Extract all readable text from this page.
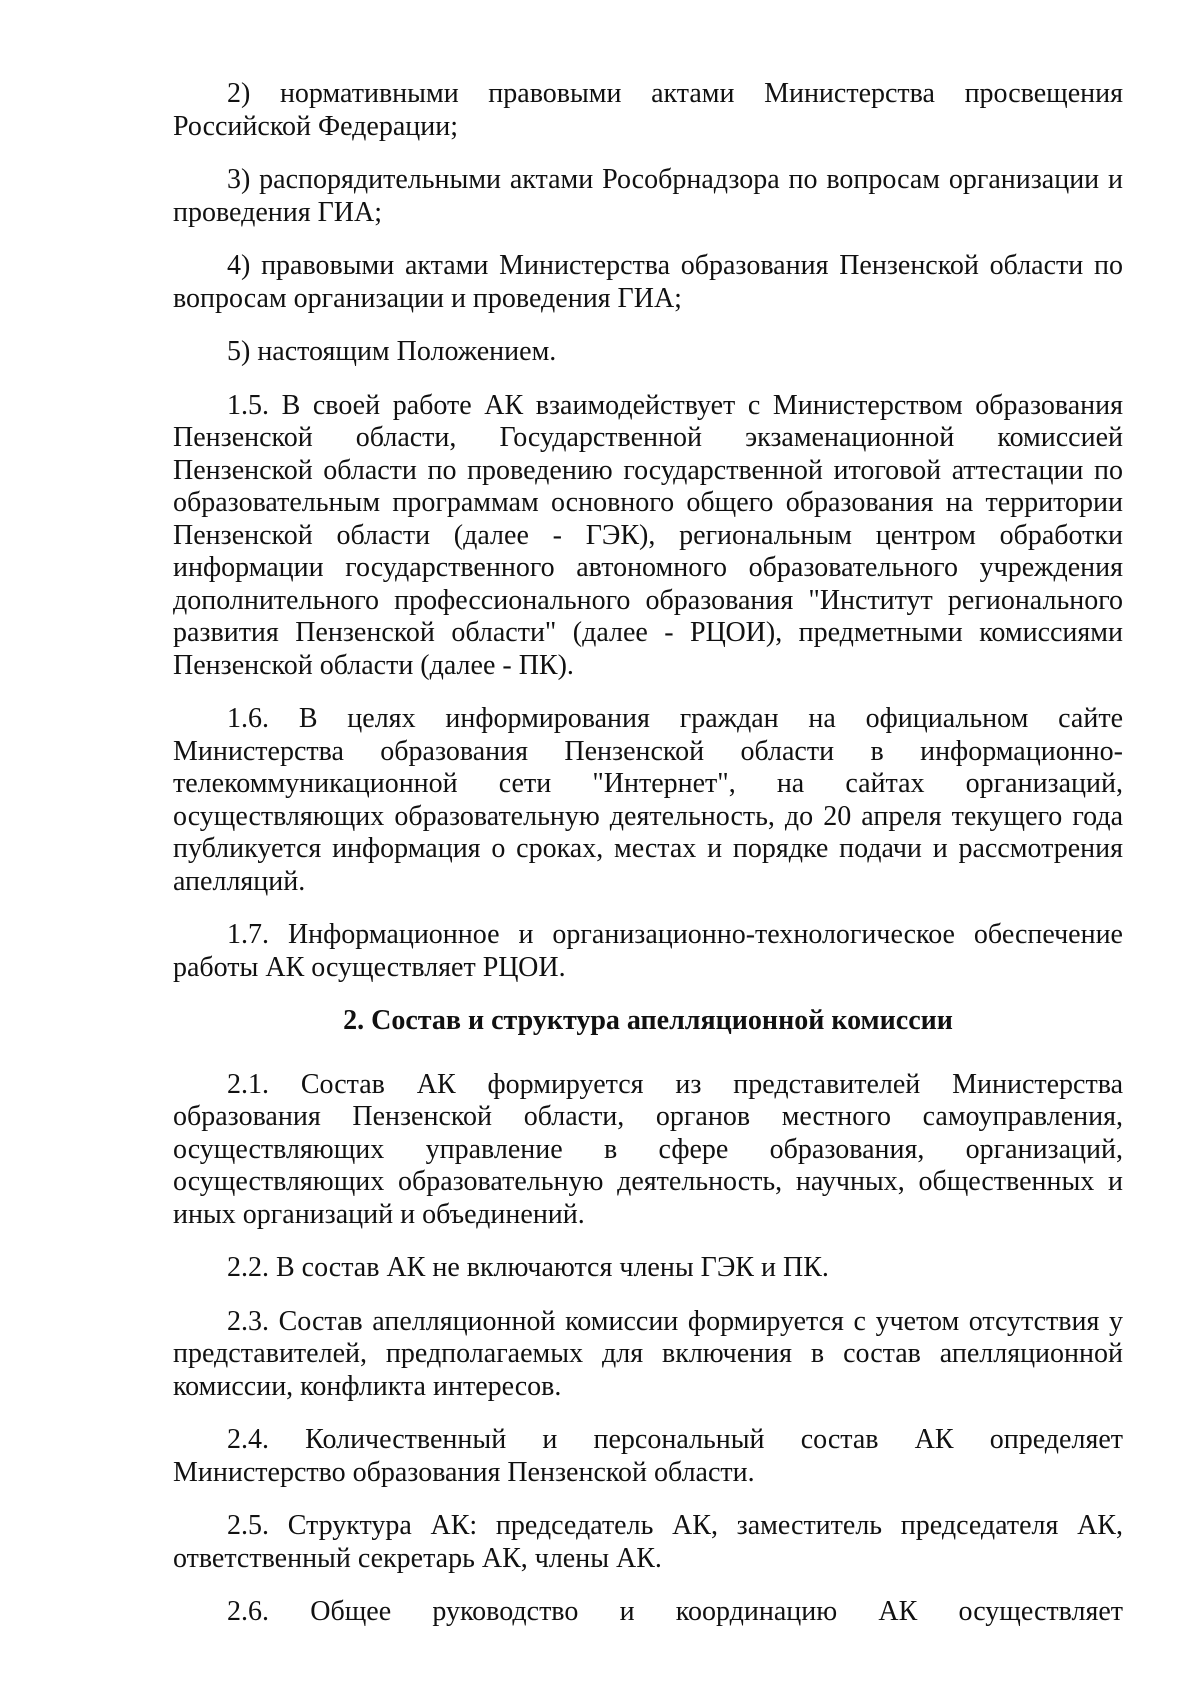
2) нормативными правовыми актами Министерства просвещения Российской Федерации;

3) распорядительными актами Рособрнадзора по вопросам организации и проведения ГИА;

4) правовыми актами Министерства образования Пензенской области по вопросам организации и проведения ГИА;

5) настоящим Положением.

1.5. В своей работе АК взаимодействует с Министерством образования Пензенской области, Государственной экзаменационной комиссией Пензенской области по проведению государственной итоговой аттестации по образовательным программам основного общего образования на территории Пензенской области (далее - ГЭК), региональным центром обработки информации государственного автономного образовательного учреждения дополнительного профессионального образования "Институт регионального развития Пензенской области" (далее - РЦОИ), предметными комиссиями Пензенской области (далее - ПК).

1.6. В целях информирования граждан на официальном сайте Министерства образования Пензенской области в информационно-телекоммуникационной сети "Интернет", на сайтах организаций, осуществляющих образовательную деятельность, до 20 апреля текущего года публикуется информация о сроках, местах и порядке подачи и рассмотрения апелляций.

1.7. Информационное и организационно-технологическое обеспечение работы АК осуществляет РЦОИ.

2. Состав и структура апелляционной комиссии

2.1. Состав АК формируется из представителей Министерства образования Пензенской области, органов местного самоуправления, осуществляющих управление в сфере образования, организаций, осуществляющих образовательную деятельность, научных, общественных и иных организаций и объединений.

2.2. В состав АК не включаются члены ГЭК и ПК.

2.3. Состав апелляционной комиссии формируется с учетом отсутствия у представителей, предполагаемых для включения в состав апелляционной комиссии, конфликта интересов.

2.4. Количественный и персональный состав АК определяет Министерство образования Пензенской области.

2.5. Структура АК: председатель АК, заместитель председателя АК, ответственный секретарь АК, члены АК.

2.6. Общее руководство и координацию АК осуществляет
